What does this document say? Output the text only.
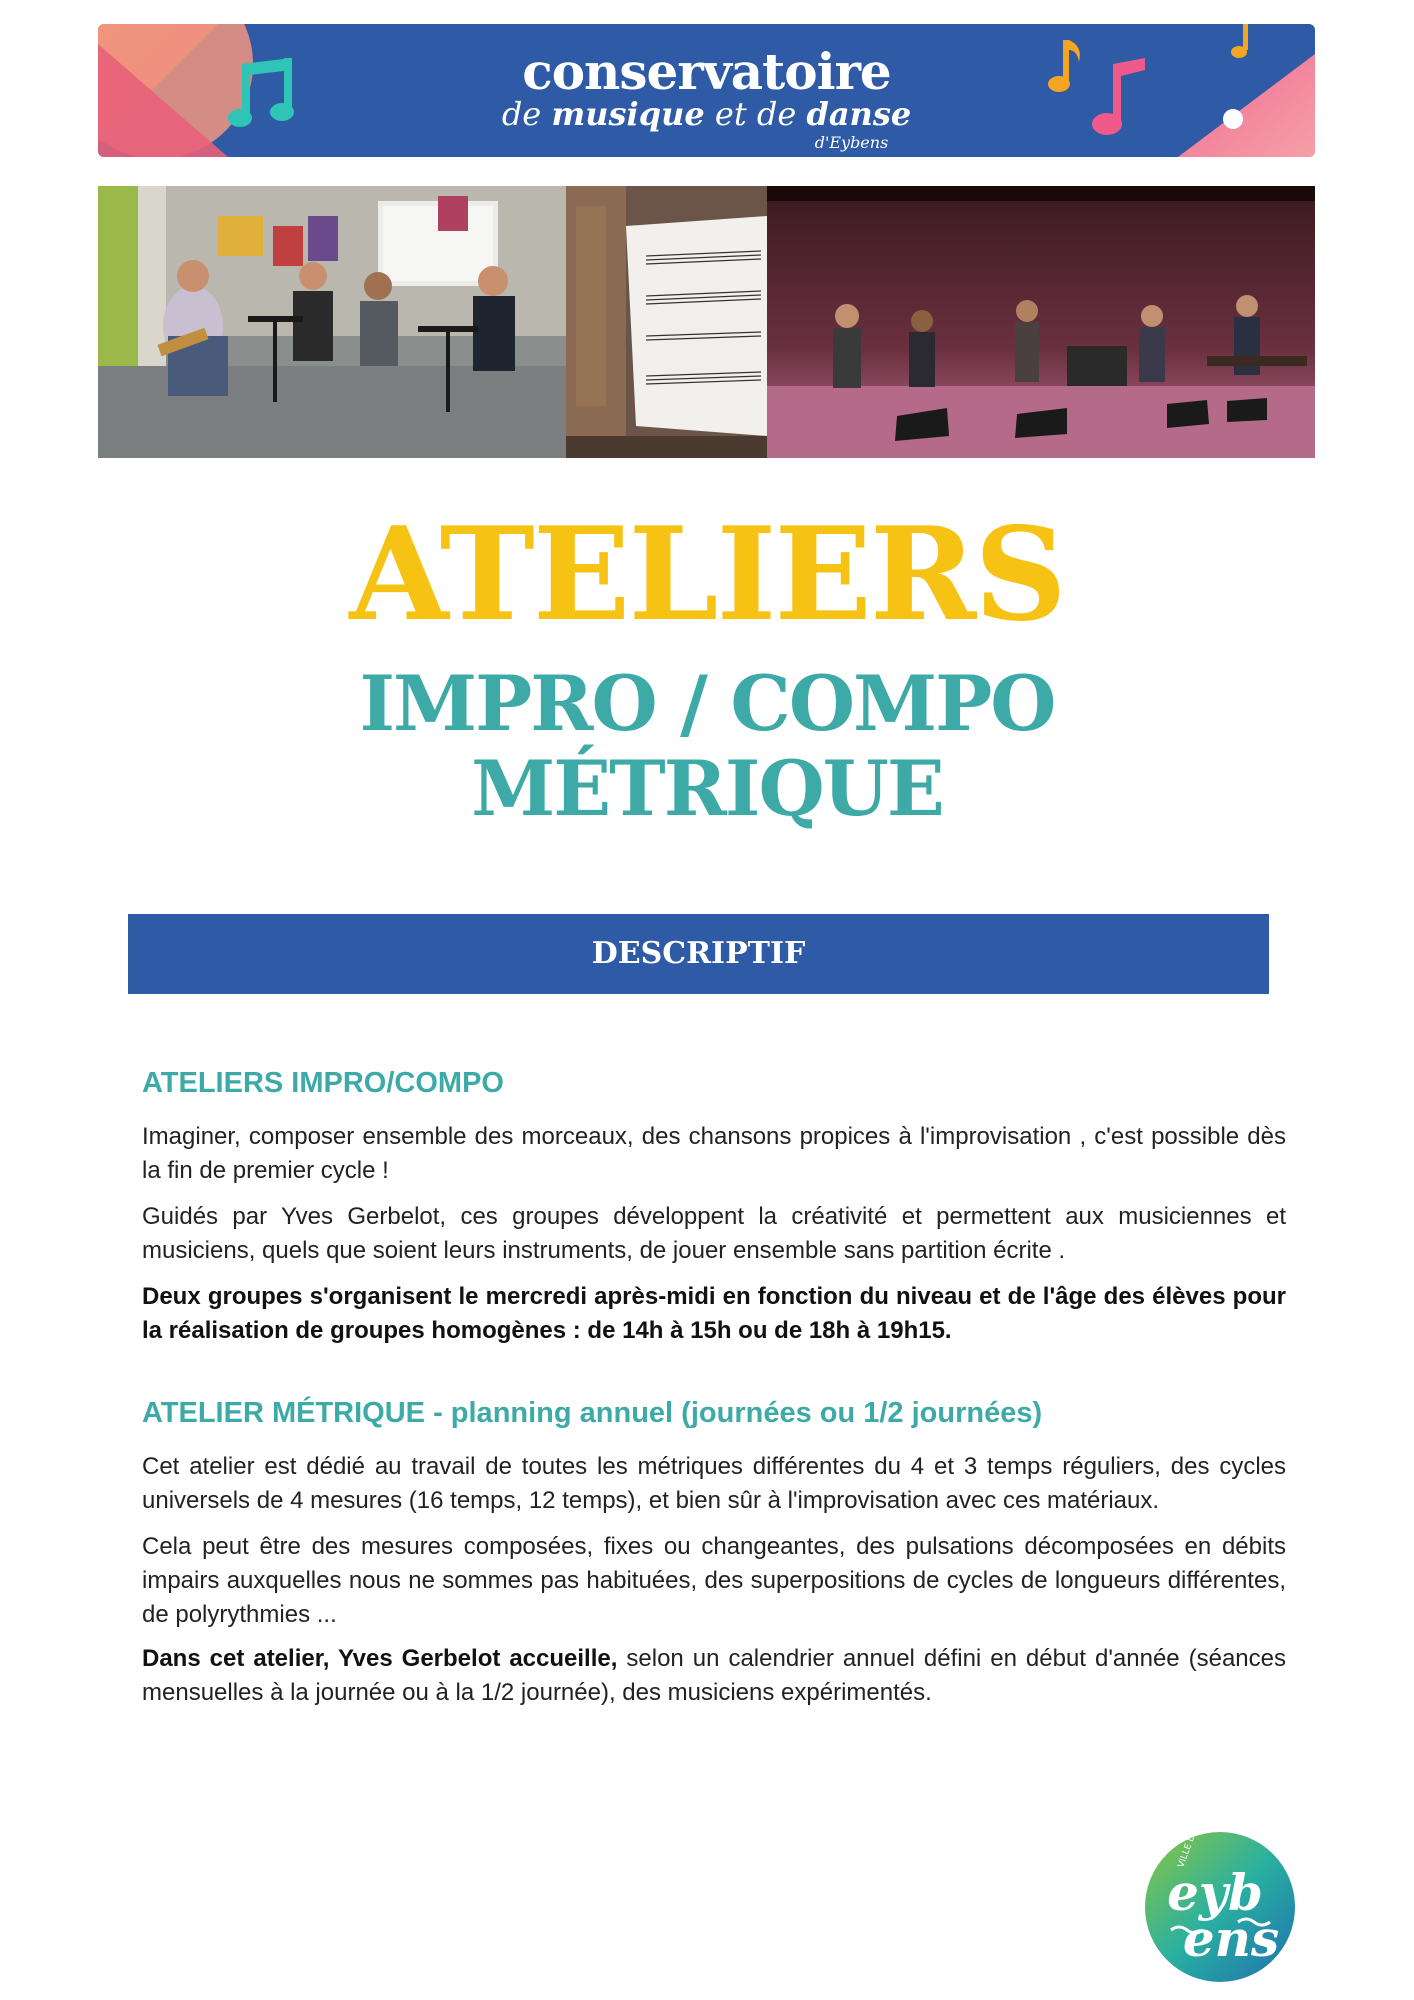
conservatoire
de musique et de danse
d'Eybens
ATELIERS
IMPRO / COMPO
MÉTRIQUE
DESCRIPTIF
ATELIERS IMPRO/COMPO
Imaginer, composer ensemble des morceaux, des chansons propices à l'improvisation , c'est possible dès la fin de premier cycle !
Guidés par Yves Gerbelot, ces groupes développent la créativité et permettent aux musiciennes et musiciens, quels que soient leurs instruments, de jouer ensemble sans partition écrite .
Deux groupes s'organisent le mercredi après-midi en fonction du niveau et de l'âge des élèves pour la réalisation de groupes homogènes : de 14h à 15h ou de 18h à 19h15.
ATELIER MÉTRIQUE - planning annuel (journées ou 1/2 journées)
Cet atelier est dédié au travail de toutes les métriques différentes du 4 et 3 temps réguliers, des cycles universels de 4 mesures (16 temps, 12 temps), et bien sûr à l'improvisation avec ces matériaux.
Cela peut être des mesures composées, fixes ou changeantes, des pulsations décomposées en débits impairs auxquelles nous ne sommes pas habituées, des superpositions de cycles de longueurs différentes, de polyrythmies ...
Dans cet atelier, Yves Gerbelot accueille, selon un calendrier annuel défini en début d'année (séances mensuelles à la journée ou à la 1/2 journée), des musiciens expérimentés.
VILLE D'
eyb
ens
